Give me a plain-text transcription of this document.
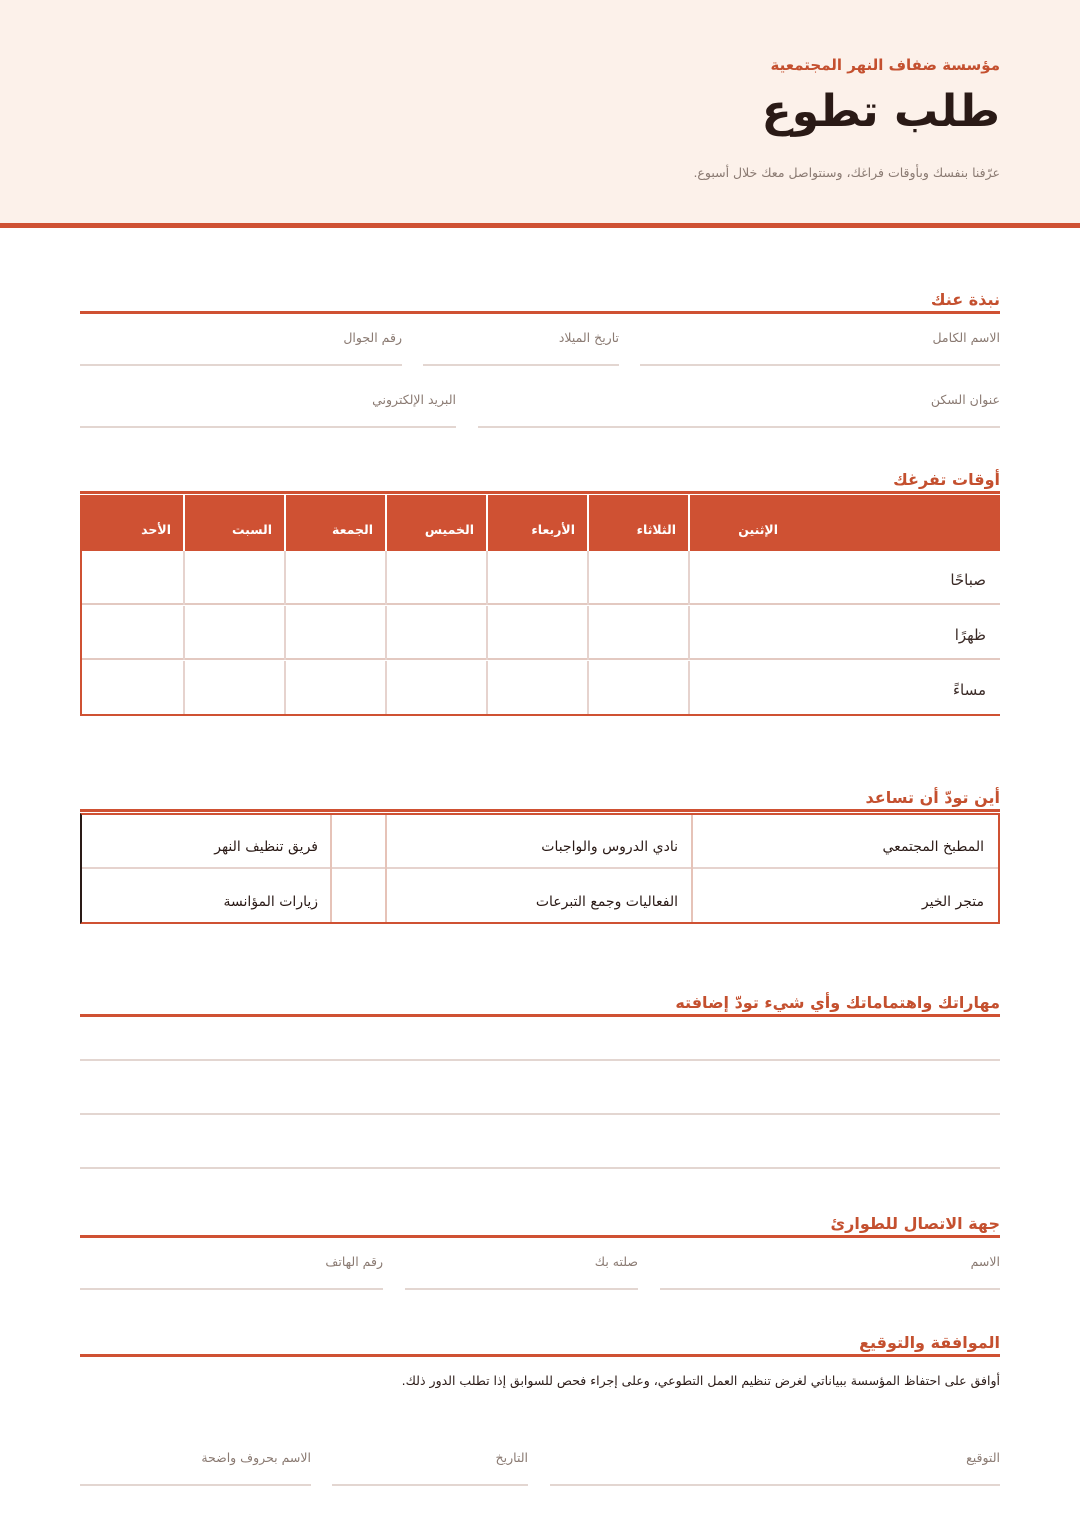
مؤسسة ضفاف النهر المجتمعية
طلب تطوع
عرّفنا بنفسك وبأوقات فراغك، وسنتواصل معك خلال أسبوع.
نبذة عنك
الاسم الكامل
تاريخ الميلاد
رقم الجوال
عنوان السكن
البريد الإلكتروني
أوقات تفرغك
الإثنين
الثلاثاء
الأربعاء
الخميس
الجمعة
السبت
الأحد
صباحًا
ظهرًا
مساءً
أين تودّ أن تساعد
المطبخ المجتمعي
نادي الدروس والواجبات
فريق تنظيف النهر
متجر الخير
الفعاليات وجمع التبرعات
زيارات المؤانسة
مهاراتك واهتماماتك وأي شيء تودّ إضافته
جهة الاتصال للطوارئ
الاسم
صلته بك
رقم الهاتف
الموافقة والتوقيع
أوافق على احتفاظ المؤسسة ببياناتي لغرض تنظيم العمل التطوعي، وعلى إجراء فحص للسوابق إذا تطلب الدور ذلك.
التوقيع
التاريخ
الاسم بحروف واضحة
